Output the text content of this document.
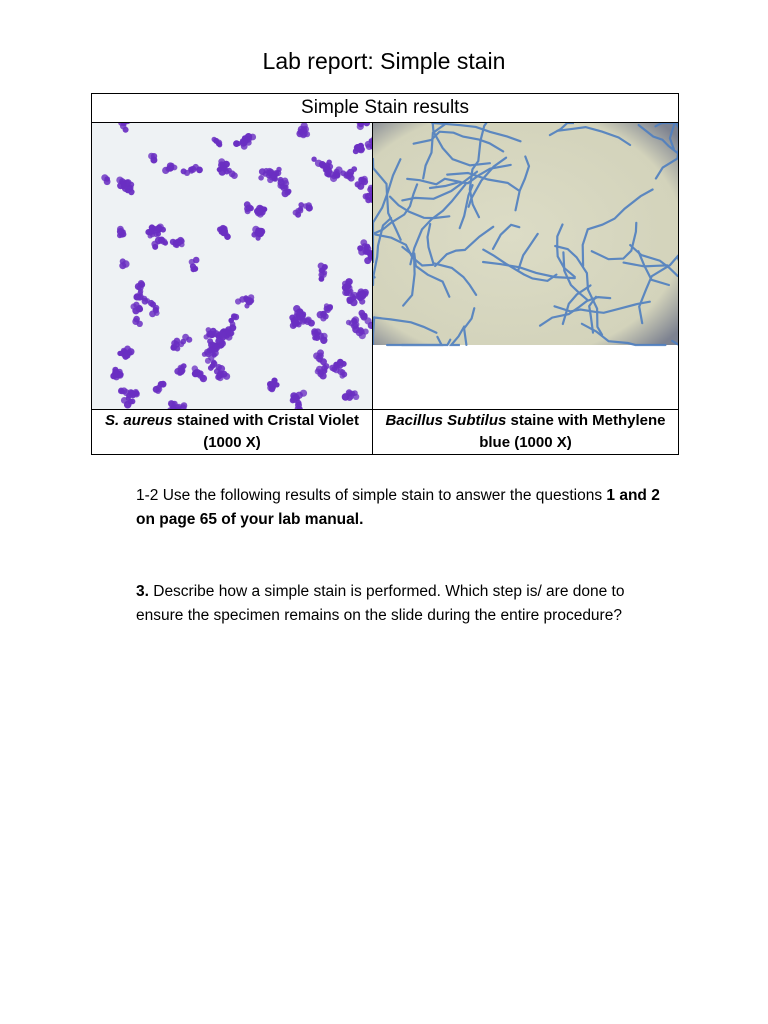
Lab report: Simple stain
Simple Stain results	

S. aureus stained with Cristal Violet (1000 X)	Bacillus Subtilus staine with Methylene blue (1000 X)
1-2 Use the following results of simple stain to answer the questions 1 and 2 on page 65 of your lab manual.
3. Describe how a simple stain is performed. Which step is/ are done to ensure the specimen remains on the slide during the entire procedure?
